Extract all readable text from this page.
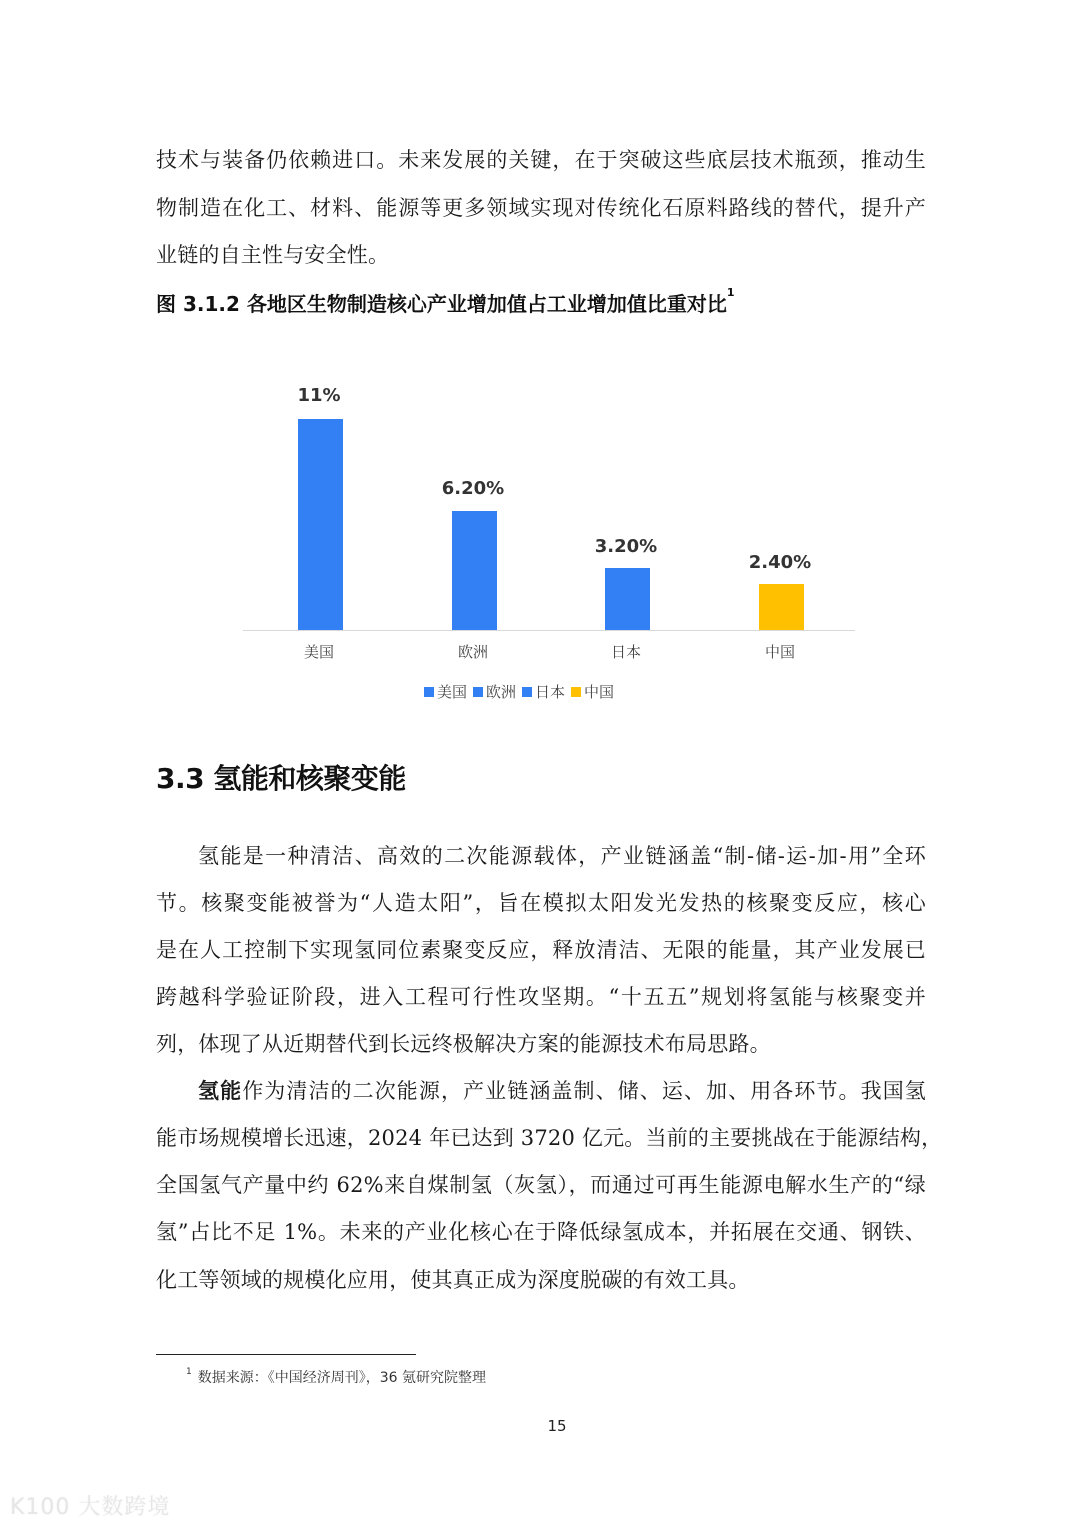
技术与装备仍依赖进口。未来发展的关键，在于突破这些底层技术瓶颈，推动生
物制造在化工、材料、能源等更多领域实现对传统化石原料路线的替代，提升产
业链的自主性与安全性。
图 3.1.2 各地区生物制造核心产业增加值占工业增加值比重对比$^1$
11%
美国
6.20%
欧洲
3.20%
日本
2.40%
中国
美国 欧洲 日本 中国
3.3 氢能和核聚变能
氢能是一种清洁、高效的二次能源载体，产业链涵盖“制-储-运-加-用”全环
节。核聚变能被誉为“人造太阳”，旨在模拟太阳发光发热的核聚变反应，核心
是在人工控制下实现氢同位素聚变反应，释放清洁、无限的能量，其产业发展已
跨越科学验证阶段，进入工程可行性攻坚期。“十五五”规划将氢能与核聚变并
列，体现了从近期替代到长远终极解决方案的能源技术布局思路。
氢能作为清洁的二次能源，产业链涵盖制、储、运、加、用各环节。我国氢
能市场规模增长迅速，2024 年已达到 3720 亿元。当前的主要挑战在于能源结构，
全国氢气产量中约 62%来自煤制氢（灰氢），而通过可再生能源电解水生产的“绿
氢”占比不足 1%。未来的产业化核心在于降低绿氢成本，并拓展在交通、钢铁、
化工等领域的规模化应用，使其真正成为深度脱碳的有效工具。
$^1$ 数据来源：《中国经济周刊》，36 氪研究院整理
15
K100 大数跨境
